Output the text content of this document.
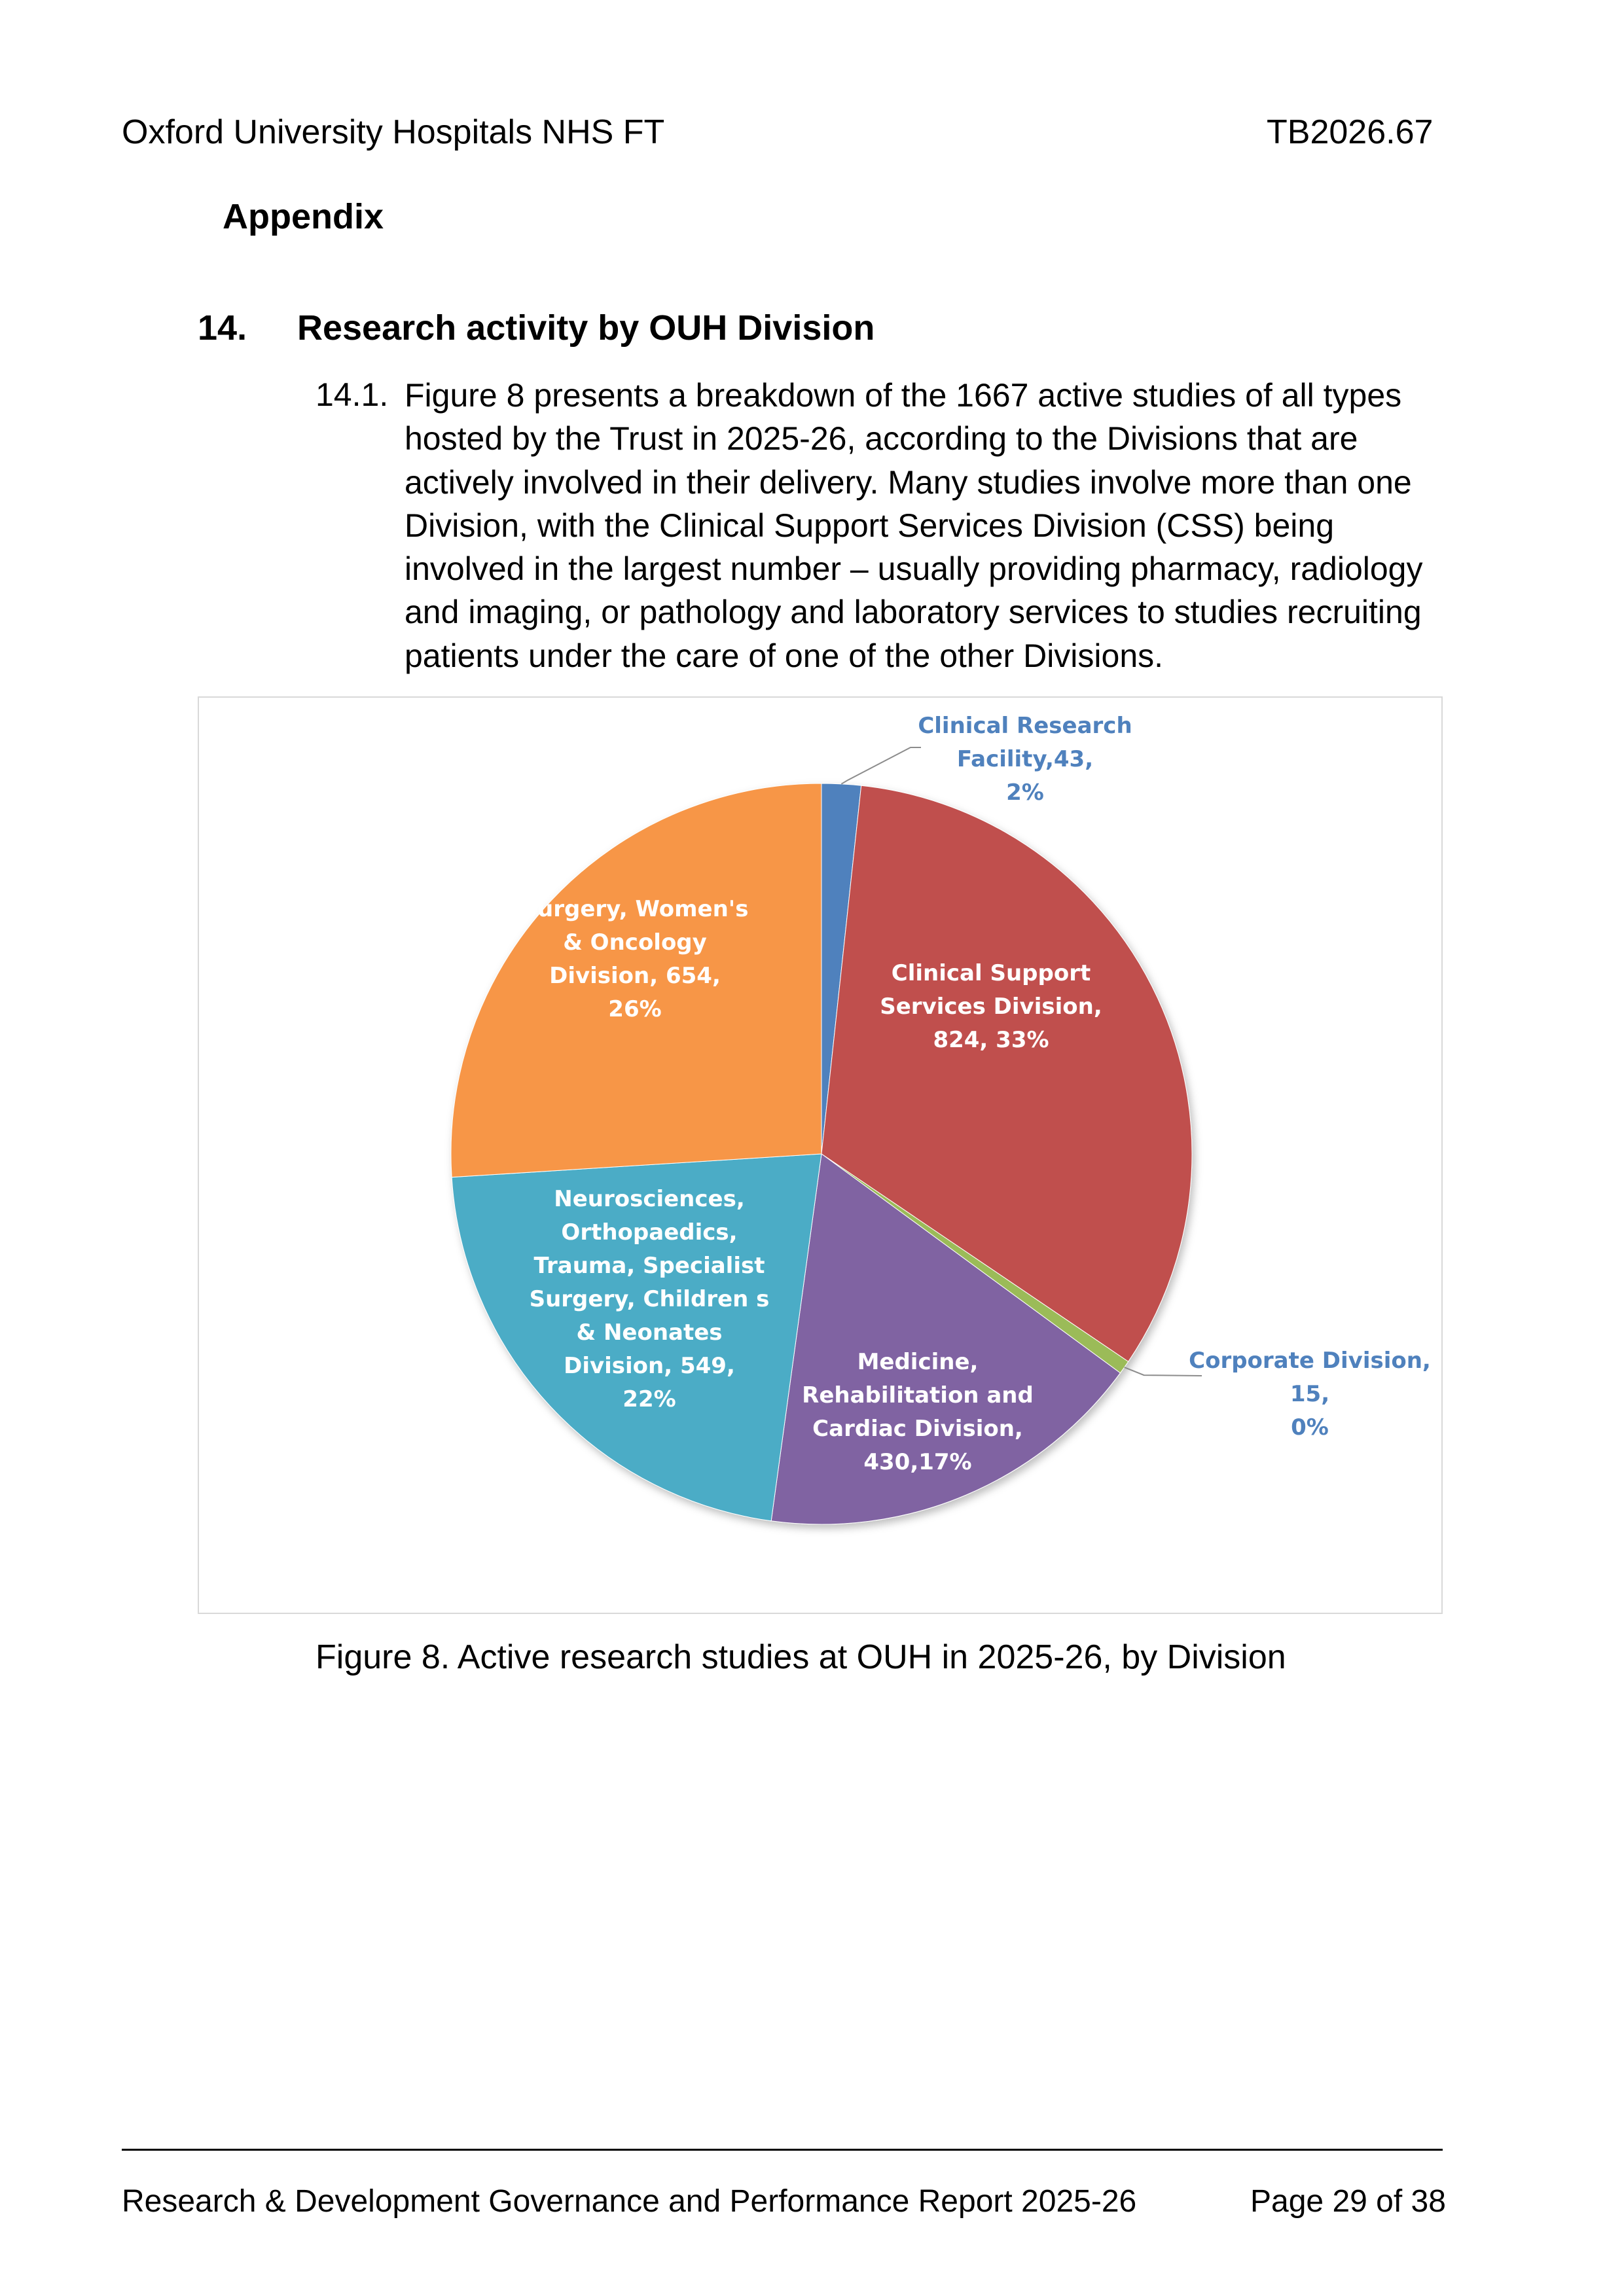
Oxford University Hospitals NHS FT	TB2026.67
Appendix
14. Research activity by OUH Division
14.1. Figure 8 presents a breakdown of the 1667 active studies of all types
hosted by the Trust in 2025-26, according to the Divisions that are
actively involved in their delivery. Many studies involve more than one
Division, with the Clinical Support Services Division (CSS) being
involved in the largest number – usually providing pharmacy, radiology
and imaging, or pathology and laboratory services to studies recruiting
patients under the care of one of the other Divisions.
Clinical Research Facility,43, 2%
Clinical Support Services Division, 824, 33%
Corporate Division, 15, 0%
Medicine, Rehabilitation and Cardiac Division, 430,17%
Neurosciences, Orthopaedics, Trauma, Specialist Surgery, Children s & Neonates Division, 549, 22%
Surgery, Women's & Oncology Division, 654, 26%
Figure 8. Active research studies at OUH in 2025-26, by Division
Research & Development Governance and Performance Report 2025-26	Page 29 of 38
